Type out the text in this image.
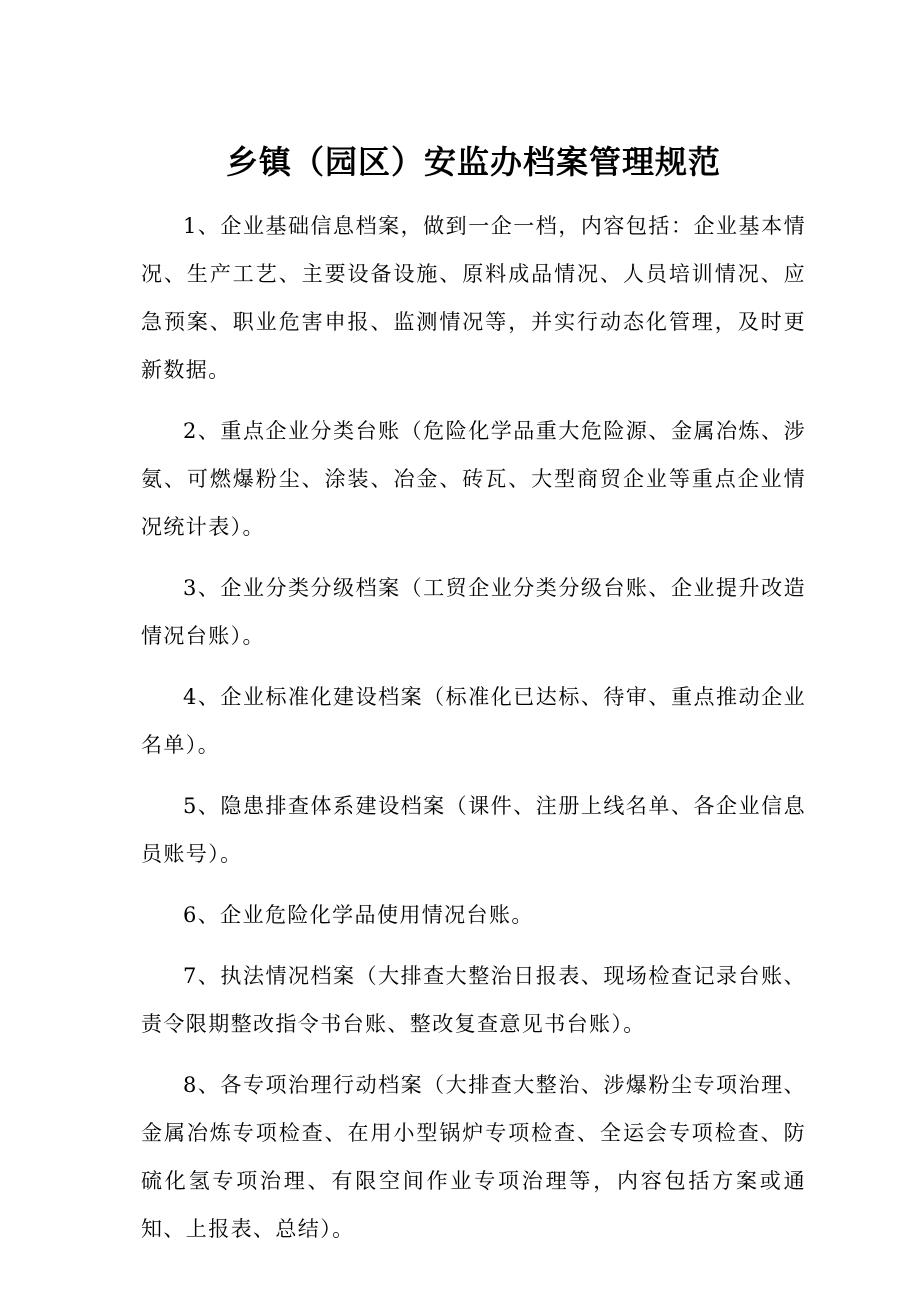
乡镇（园区）安监办档案管理规范

1、企业基础信息档案，做到一企一档，内容包括：企业基本情况、生产工艺、主要设备设施、原料成品情况、人员培训情况、应急预案、职业危害申报、监测情况等，并实行动态化管理，及时更新数据。

2、重点企业分类台账（危险化学品重大危险源、金属冶炼、涉氨、可燃爆粉尘、涂装、冶金、砖瓦、大型商贸企业等重点企业情况统计表）。

3、企业分类分级档案（工贸企业分类分级台账、企业提升改造情况台账）。

4、企业标准化建设档案（标准化已达标、待审、重点推动企业名单）。

5、隐患排查体系建设档案（课件、注册上线名单、各企业信息员账号）。

6、企业危险化学品使用情况台账。

7、执法情况档案（大排查大整治日报表、现场检查记录台账、责令限期整改指令书台账、整改复查意见书台账）。

8、各专项治理行动档案（大排查大整治、涉爆粉尘专项治理、金属冶炼专项检查、在用小型锅炉专项检查、全运会专项检查、防硫化氢专项治理、有限空间作业专项治理等，内容包括方案或通知、上报表、总结）。
